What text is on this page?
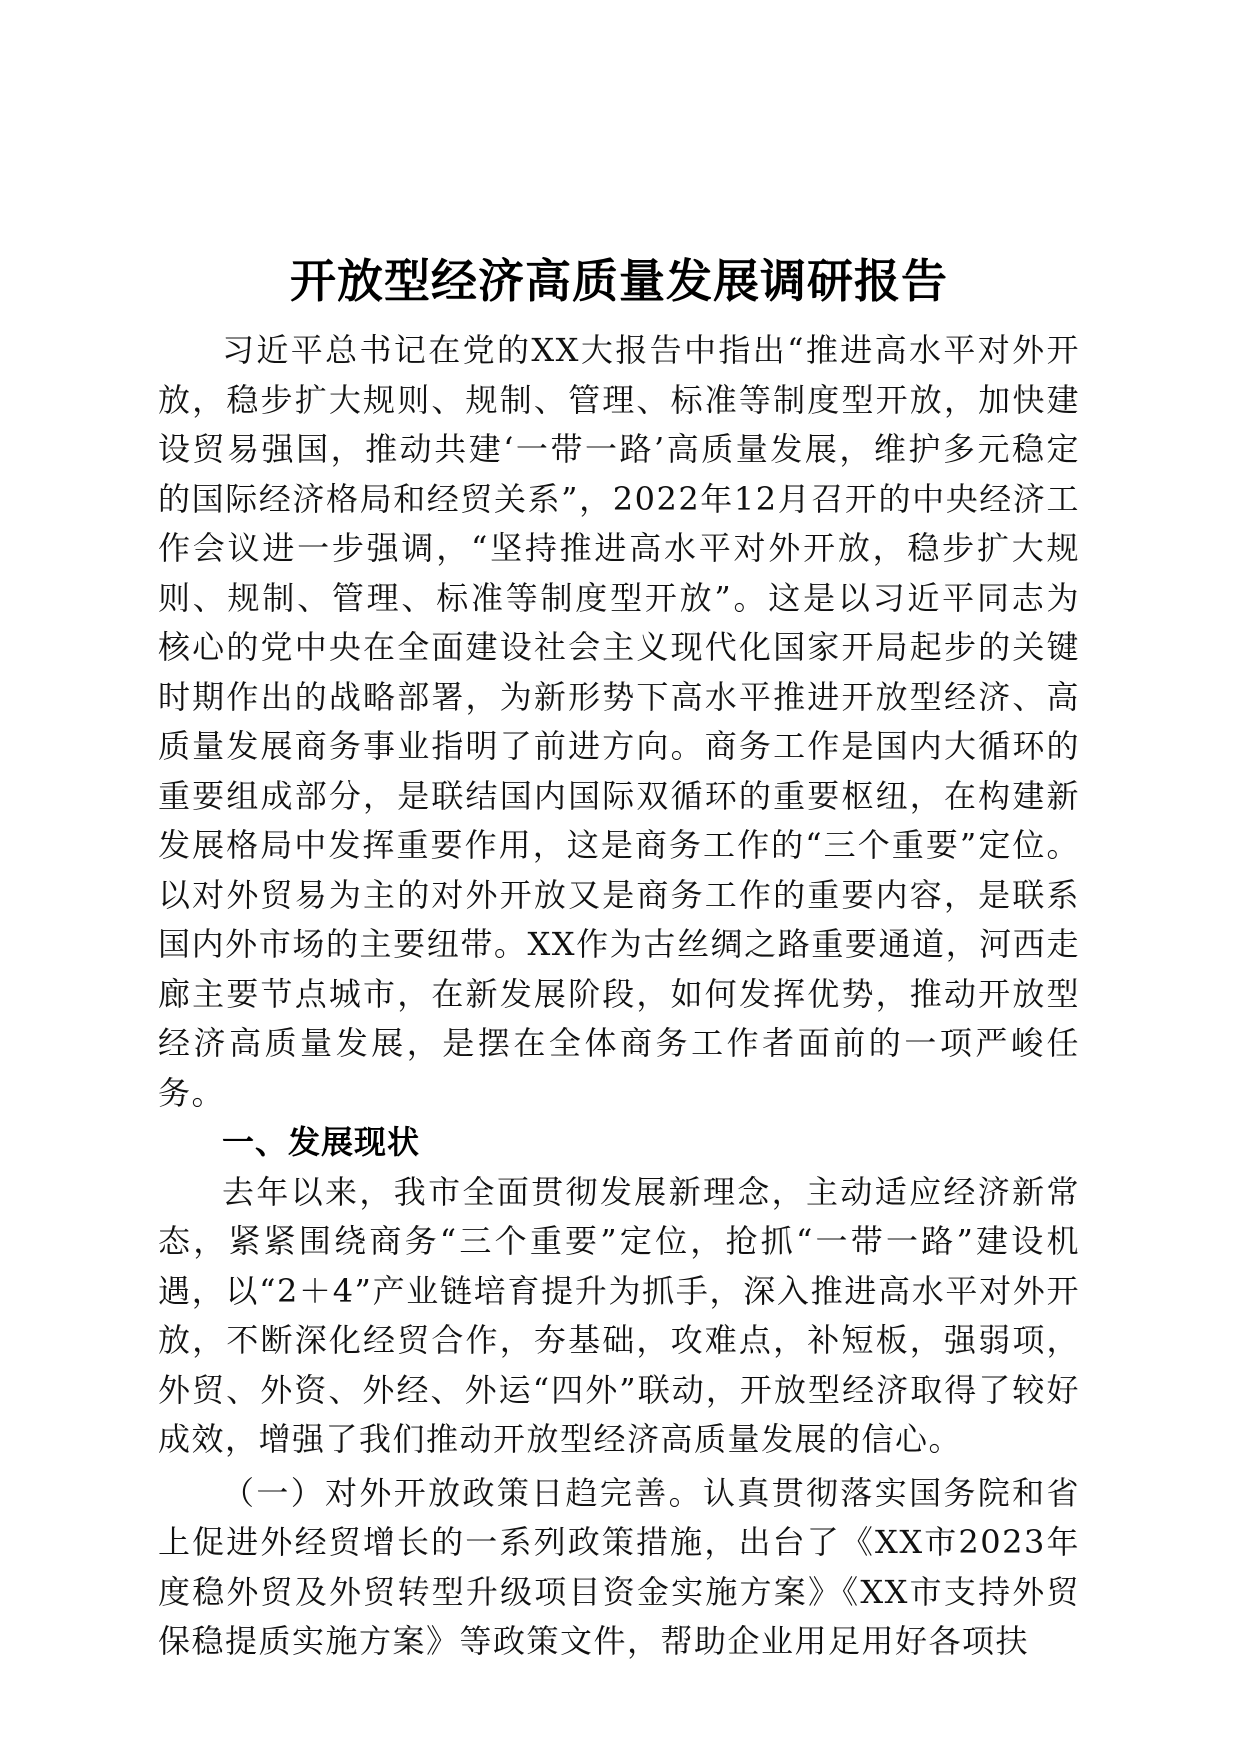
开放型经济高质量发展调研报告

习近平总书记在党的XX大报告中指出“推进高水平对外开放，稳步扩大规则、规制、管理、标准等制度型开放，加快建设贸易强国，推动共建‘一带一路’高质量发展，维护多元稳定的国际经济格局和经贸关系”，2022年12月召开的中央经济工作会议进一步强调，“坚持推进高水平对外开放，稳步扩大规则、规制、管理、标准等制度型开放”。这是以习近平同志为核心的党中央在全面建设社会主义现代化国家开局起步的关键时期作出的战略部署，为新形势下高水平推进开放型经济、高质量发展商务事业指明了前进方向。商务工作是国内大循环的重要组成部分，是联结国内国际双循环的重要枢纽，在构建新发展格局中发挥重要作用，这是商务工作的“三个重要”定位。以对外贸易为主的对外开放又是商务工作的重要内容，是联系国内外市场的主要纽带。XX作为古丝绸之路重要通道，河西走廊主要节点城市，在新发展阶段，如何发挥优势，推动开放型经济高质量发展，是摆在全体商务工作者面前的一项严峻任务。

一、发展现状

去年以来，我市全面贯彻发展新理念，主动适应经济新常态，紧紧围绕商务“三个重要”定位，抢抓“一带一路”建设机遇，以“2＋4”产业链培育提升为抓手，深入推进高水平对外开放，不断深化经贸合作，夯基础，攻难点，补短板，强弱项，外贸、外资、外经、外运“四外”联动，开放型经济取得了较好成效，增强了我们推动开放型经济高质量发展的信心。

（一）对外开放政策日趋完善。认真贯彻落实国务院和省上促进外经贸增长的一系列政策措施，出台了《XX市2023年度稳外贸及外贸转型升级项目资金实施方案》《XX市支持外贸保稳提质实施方案》等政策文件，帮助企业用足用好各项扶
